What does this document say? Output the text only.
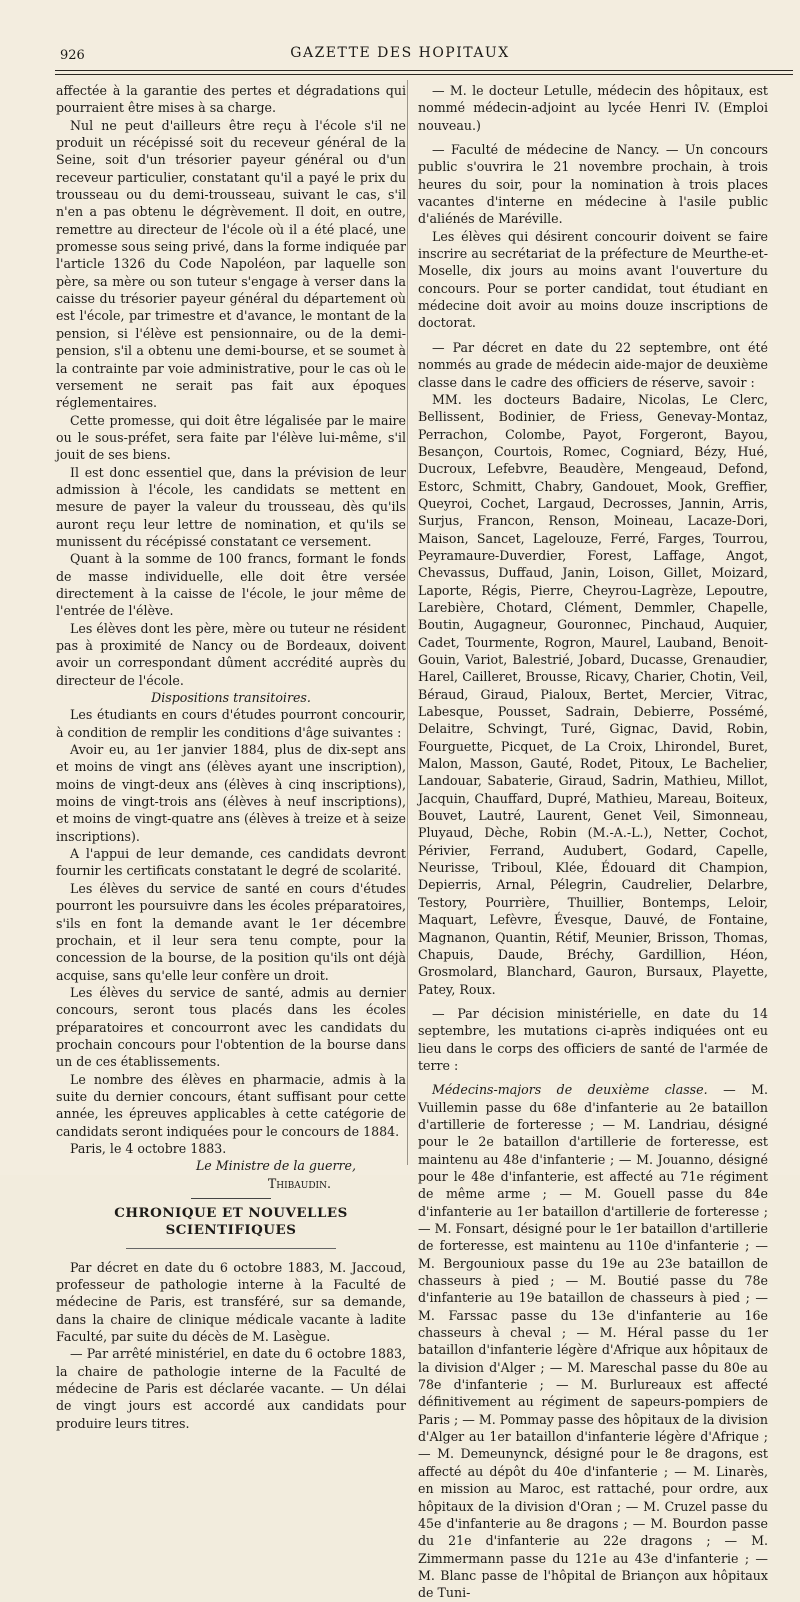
926	GAZETTE DES HOPITAUX

affectée à la garantie des pertes et dégradations qui pourraient être mises à sa charge.

Nul ne peut d'ailleurs être reçu à l'école s'il ne produit un récépissé soit du receveur général de la Seine, soit d'un trésorier payeur général ou d'un receveur particulier, constatant qu'il a payé le prix du trousseau ou du demi-trousseau, suivant le cas, s'il n'en a pas obtenu le dégrèvement. Il doit, en outre, remettre au directeur de l'école où il a été placé, une promesse sous seing privé, dans la forme indiquée par l'article 1326 du Code Napoléon, par laquelle son père, sa mère ou son tuteur s'engage à verser dans la caisse du trésorier payeur général du département où est l'école, par trimestre et d'avance, le montant de la pension, si l'élève est pensionnaire, ou de la demi-pension, s'il a obtenu une demi-bourse, et se soumet à la contrainte par voie administrative, pour le cas où le versement ne serait pas fait aux époques réglementaires.

Cette promesse, qui doit être légalisée par le maire ou le sous-préfet, sera faite par l'élève lui-même, s'il jouit de ses biens.

Il est donc essentiel que, dans la prévision de leur admission à l'école, les candidats se mettent en mesure de payer la valeur du trousseau, dès qu'ils auront reçu leur lettre de nomination, et qu'ils se munissent du récépissé constatant ce versement.

Quant à la somme de 100 francs, formant le fonds de masse individuelle, elle doit être versée directement à la caisse de l'école, le jour même de l'entrée de l'élève.

Les élèves dont les père, mère ou tuteur ne résident pas à proximité de Nancy ou de Bordeaux, doivent avoir un correspondant dûment accrédité auprès du directeur de l'école.

Dispositions transitoires.

Les étudiants en cours d'études pourront concourir, à condition de remplir les conditions d'âge suivantes :

Avoir eu, au 1er janvier 1884, plus de dix-sept ans et moins de vingt ans (élèves ayant une inscription), moins de vingt-deux ans (élèves à cinq inscriptions), moins de vingt-trois ans (élèves à neuf inscriptions), et moins de vingt-quatre ans (élèves à treize et à seize inscriptions).

A l'appui de leur demande, ces candidats devront fournir les certificats constatant le degré de scolarité.

Les élèves du service de santé en cours d'études pourront les poursuivre dans les écoles préparatoires, s'ils en font la demande avant le 1er décembre prochain, et il leur sera tenu compte, pour la concession de la bourse, de la position qu'ils ont déjà acquise, sans qu'elle leur confère un droit.

Les élèves du service de santé, admis au dernier concours, seront tous placés dans les écoles préparatoires et concourront avec les candidats du prochain concours pour l'obtention de la bourse dans un de ces établissements.

Le nombre des élèves en pharmacie, admis à la suite du dernier concours, étant suffisant pour cette année, les épreuves applicables à cette catégorie de candidats seront indiquées pour le concours de 1884.

Paris, le 4 octobre 1883.

Le Ministre de la guerre,

Thibaudin.

CHRONIQUE ET NOUVELLES SCIENTIFIQUES

Par décret en date du 6 octobre 1883, M. Jaccoud, professeur de pathologie interne à la Faculté de médecine de Paris, est transféré, sur sa demande, dans la chaire de clinique médicale vacante à ladite Faculté, par suite du décès de M. Lasègue.

— Par arrêté ministériel, en date du 6 octobre 1883, la chaire de pathologie interne de la Faculté de médecine de Paris est déclarée vacante. — Un délai de vingt jours est accordé aux candidats pour produire leurs titres.

— M. le docteur Letulle, médecin des hôpitaux, est nommé médecin-adjoint au lycée Henri IV. (Emploi nouveau.)

— Faculté de médecine de Nancy. — Un concours public s'ouvrira le 21 novembre prochain, à trois heures du soir, pour la nomination à trois places vacantes d'interne en médecine à l'asile public d'aliénés de Maréville.

Les élèves qui désirent concourir doivent se faire inscrire au secrétariat de la préfecture de Meurthe-et-Moselle, dix jours au moins avant l'ouverture du concours. Pour se porter candidat, tout étudiant en médecine doit avoir au moins douze inscriptions de doctorat.

— Par décret en date du 22 septembre, ont été nommés au grade de médecin aide-major de deuxième classe dans le cadre des officiers de réserve, savoir :

MM. les docteurs Badaire, Nicolas, Le Clerc, Bellissent, Bodinier, de Friess, Genevay-Montaz, Perrachon, Colombe, Payot, Forgeront, Bayou, Besançon, Courtois, Romec, Cogniard, Bézy, Hué, Ducroux, Lefebvre, Beaudère, Mengeaud, Defond, Estorc, Schmitt, Chabry, Gandouet, Mook, Greffier, Queyroi, Cochet, Largaud, Decrosses, Jannin, Arris, Surjus, Francon, Renson, Moineau, Lacaze-Dori, Maison, Sancet, Lagelouze, Ferré, Farges, Tourrou, Peyramaure-Duverdier, Forest, Laffage, Angot, Chevassus, Duffaud, Janin, Loison, Gillet, Moizard, Laporte, Régis, Pierre, Cheyrou-Lagrèze, Lepoutre, Larebière, Chotard, Clément, Demmler, Chapelle, Boutin, Augagneur, Gouronnec, Pinchaud, Auquier, Cadet, Tourmente, Rogron, Maurel, Lauband, Benoit-Gouin, Variot, Balestrié, Jobard, Ducasse, Grenaudier, Harel, Cailleret, Brousse, Ricavy, Charier, Chotin, Veil, Béraud, Giraud, Pialoux, Bertet, Mercier, Vitrac, Labesque, Pousset, Sadrain, Debierre, Possémé, Delaitre, Schvingt, Turé, Gignac, David, Robin, Fourguette, Picquet, de La Croix, Lhirondel, Buret, Malon, Masson, Gauté, Rodet, Pitoux, Le Bachelier, Landouar, Sabaterie, Giraud, Sadrin, Mathieu, Millot, Jacquin, Chauffard, Dupré, Mathieu, Mareau, Boiteux, Bouvet, Lautré, Laurent, Genet Veil, Simonneau, Pluyaud, Dèche, Robin (M.-A.-L.), Netter, Cochot, Périvier, Ferrand, Audubert, Godard, Capelle, Neurisse, Triboul, Klée, Édouard dit Champion, Depierris, Arnal, Pélegrin, Caudrelier, Delarbre, Testory, Pourrière, Thuillier, Bontemps, Leloir, Maquart, Lefèvre, Évesque, Dauvé, de Fontaine, Magnanon, Quantin, Rétif, Meunier, Brisson, Thomas, Chapuis, Daude, Bréchy, Gardillion, Héon, Grosmolard, Blanchard, Gauron, Bursaux, Playette, Patey, Roux.

— Par décision ministérielle, en date du 14 septembre, les mutations ci-après indiquées ont eu lieu dans le corps des officiers de santé de l'armée de terre :

Médecins-majors de deuxième classe. — M. Vuillemin passe du 68e d'infanterie au 2e bataillon d'artillerie de forteresse ; — M. Landriau, désigné pour le 2e bataillon d'artillerie de forteresse, est maintenu au 48e d'infanterie ; — M. Jouanno, désigné pour le 48e d'infanterie, est affecté au 71e régiment de même arme ; — M. Gouell passe du 84e d'infanterie au 1er bataillon d'artillerie de forteresse ; — M. Fonsart, désigné pour le 1er bataillon d'artillerie de forteresse, est maintenu au 110e d'infanterie ; — M. Bergounioux passe du 19e au 23e bataillon de chasseurs à pied ; — M. Boutié passe du 78e d'infanterie au 19e bataillon de chasseurs à pied ; — M. Farssac passe du 13e d'infanterie au 16e chasseurs à cheval ; — M. Héral passe du 1er bataillon d'infanterie légère d'Afrique aux hôpitaux de la division d'Alger ; — M. Mareschal passe du 80e au 78e d'infanterie ; — M. Burlureaux est affecté définitivement au régiment de sapeurs-pompiers de Paris ; — M. Pommay passe des hôpitaux de la division d'Alger au 1er bataillon d'infanterie légère d'Afrique ; — M. Demeunynck, désigné pour le 8e dragons, est affecté au dépôt du 40e d'infanterie ; — M. Linarès, en mission au Maroc, est rattaché, pour ordre, aux hôpitaux de la division d'Oran ; — M. Cruzel passe du 45e d'infanterie au 8e dragons ; — M. Bourdon passe du 21e d'infanterie au 22e dragons ; — M. Zimmermann passe du 121e au 43e d'infanterie ; — M. Blanc passe de l'hôpital de Briançon aux hôpitaux de Tuni-
